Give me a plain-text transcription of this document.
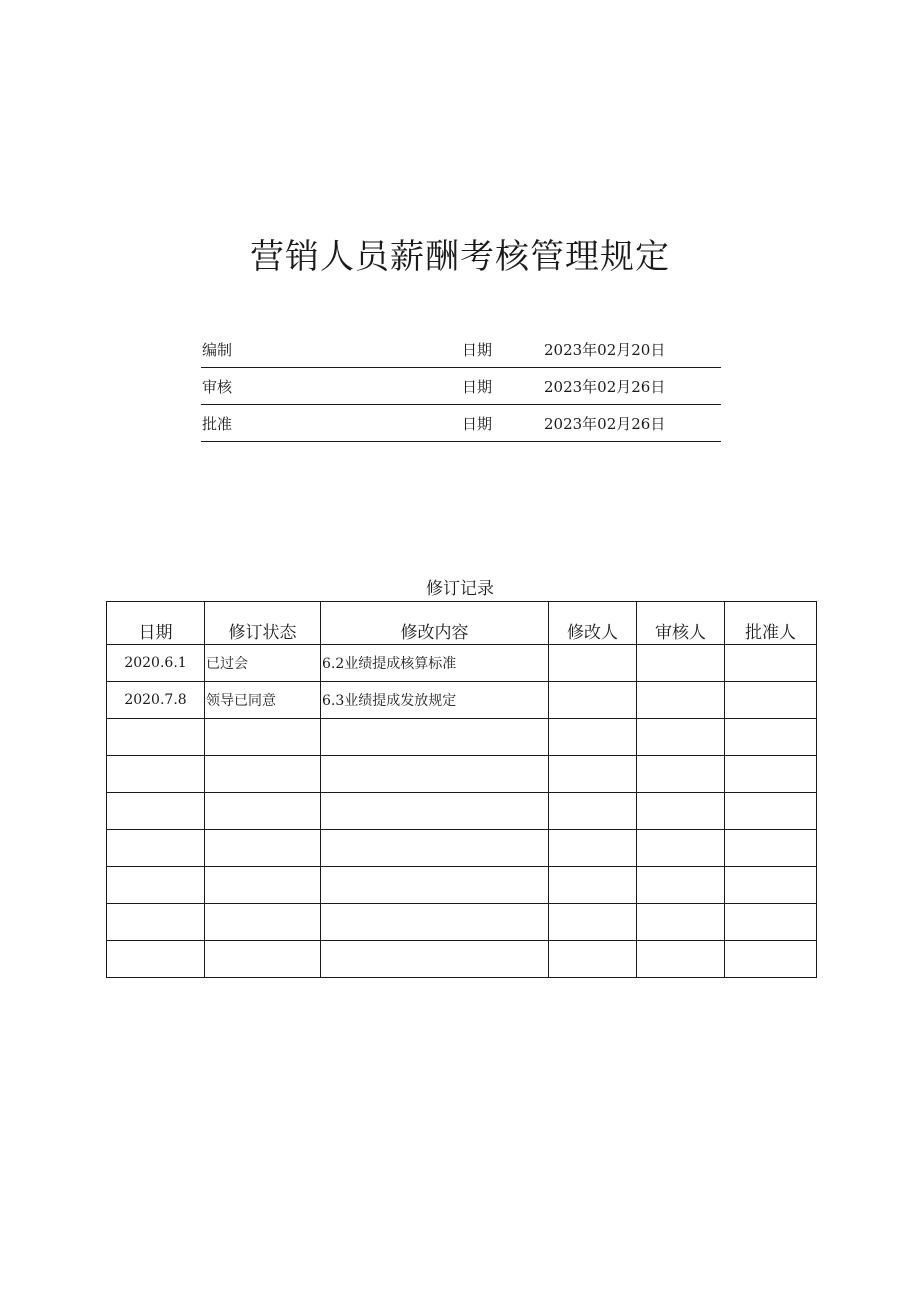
营销人员薪酬考核管理规定
编制	日期	2023年02月20日
审核	日期	2023年02月26日
批准	日期	2023年02月26日
修订记录
日期	修订状态	修改内容	修改人	审核人	批准人
2020.6.1	已过会	6.2业绩提成核算标准			
2020.7.8	领导已同意	6.3业绩提成发放规定			
